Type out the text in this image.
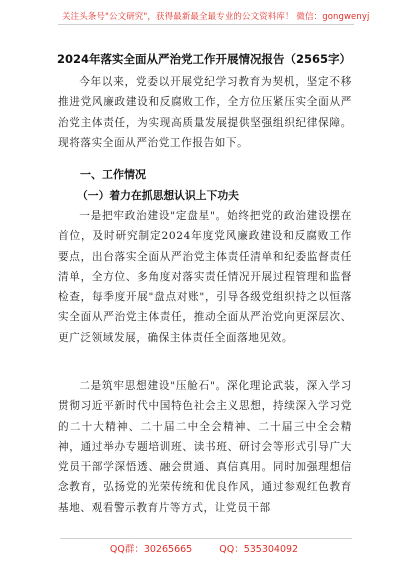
关注头条号"公文研究"，获得最新最全最专业的公文资料库！ 微信：gongwenyj
2024年落实全面从严治党工作开展情况报告（2565字）

今年以来，党委以开展党纪学习教育为契机，坚定不移推进党风廉政建设和反腐败工作，全方位压紧压实全面从严治党主体责任，为实现高质量发展提供坚强组织纪律保障。现将落实全面从严治党工作报告如下。

一、工作情况
（一）着力在抓思想认识上下功夫

一是把牢政治建设"定盘星"。始终把党的政治建设摆在首位，及时研究制定2024年度党风廉政建设和反腐败工作要点，出台落实全面从严治党主体责任清单和纪委监督责任清单，全方位、多角度对落实责任情况开展过程管理和监督检查，每季度开展"盘点对账"，引导各级党组织持之以恒落实全面从严治党主体责任，推动全面从严治党向更深层次、更广泛领域发展，确保主体责任全面落地见效。

二是筑牢思想建设"压舱石"。深化理论武装，深入学习贯彻习近平新时代中国特色社会主义思想，持续深入学习党的二十大精神、二十届二中全会精神、二十届三中全会精神，通过举办专题培训班、读书班、研讨会等形式引导广大党员干部学深悟透、融会贯通、真信真用。同时加强理想信念教育，弘扬党的光荣传统和优良作风，通过参观红色教育基地、观看警示教育片等方式，让党员干部

QQ群：30265665	QQ：535304092
